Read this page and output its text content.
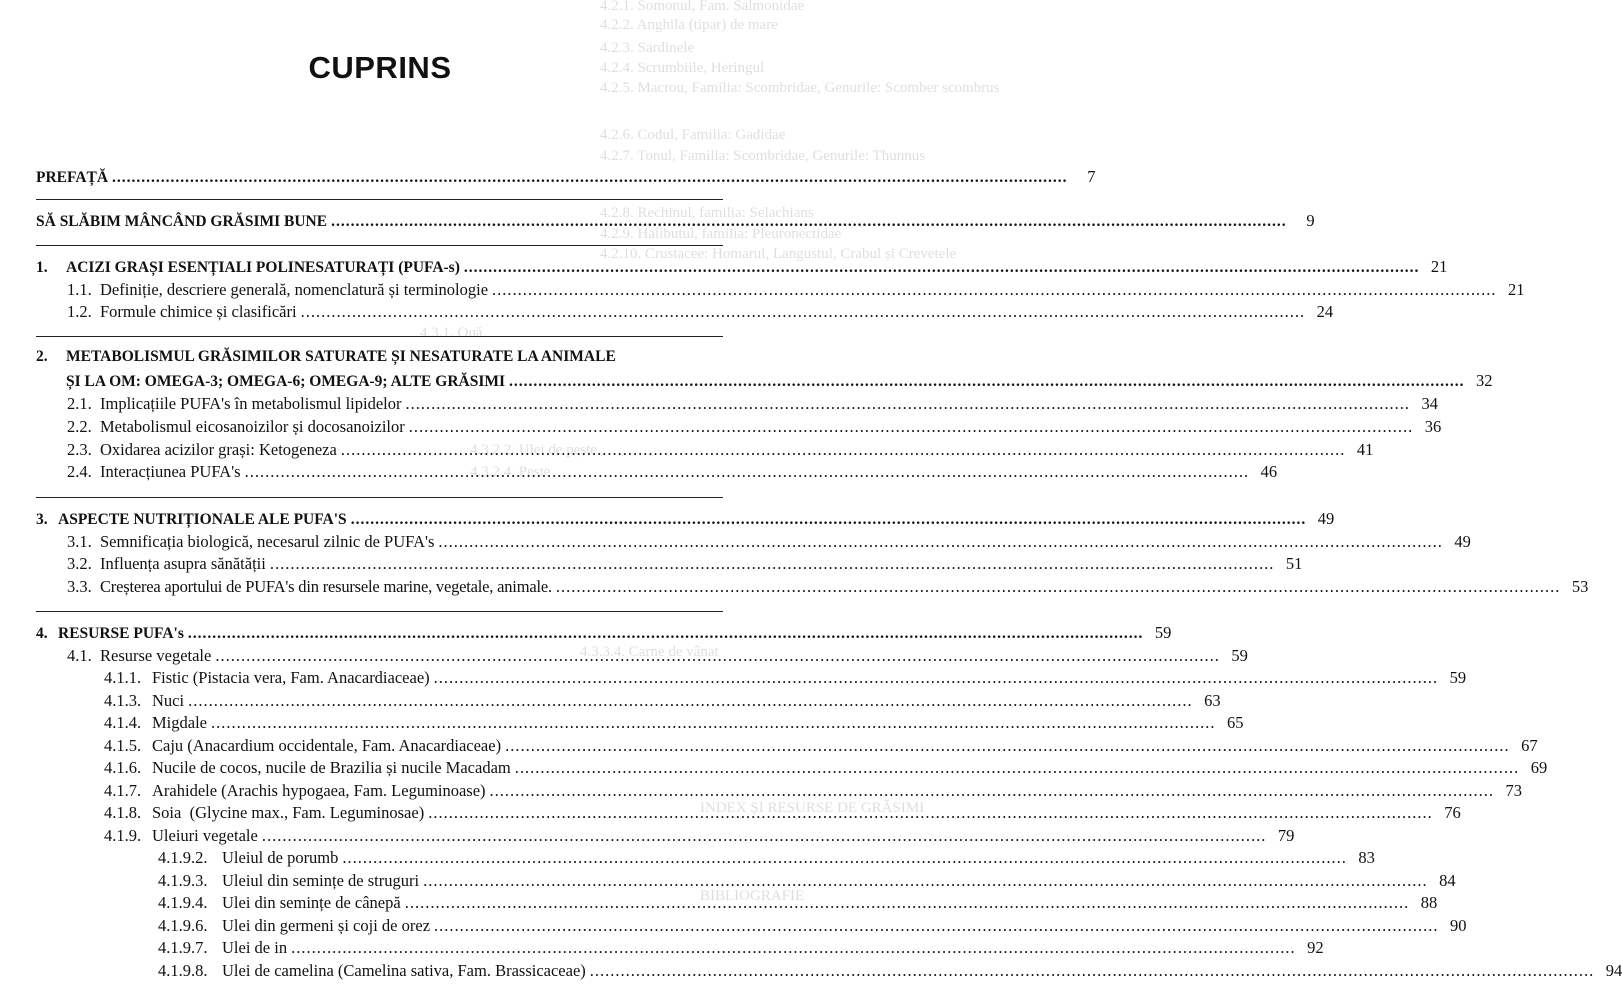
4.2.1. Somonul, Fam. Salmonidae
4.2.2. Anghila (tipar) de mare
4.2.3. Sardinele
4.2.4. Scrumbiile, Heringul
4.2.5. Macrou, Familia: Scombridae, Genurile: Scomber scombrus
4.2.6. Codul, Familia: Gadidae
4.2.7. Tonul, Familia: Scombridae, Genurile: Thunnus
4.2.8. Rechinul, familia: Selachians
4.2.9. Halibutul, familia: Pleuronectidae
4.2.10. Crustacee: Homarul, Langustul, Crabul și Crevetele
4.3.1. Ouă
4.3.2.2. Ulei de pește
4.3.2.4. Peste
4.3.3.4. Carne de vânat
INDEX ȘI RESURSE DE GRĂSIMI
BIBLIOGRAFIE
CUPRINS
PREFAȚĂ .....	7
SĂ SLĂBIM MÂNCÂND GRĂSIMI BUNE .....	9
1.	ACIZI GRAȘI ESENȚIALI POLINESATURAȚI (PUFA-s) .....	21
1.1. Definiție, descriere generală, nomenclatură și terminologie .....	21
1.2. Formule chimice și clasificări .....	24
2. METABOLISMUL GRĂSIMILOR SATURATE ȘI NESATURATE LA ANIMALE
ȘI LA OM: OMEGA-3; OMEGA-6; OMEGA-9; ALTE GRĂSIMI .....	32
2.1. Implicațiile PUFA's în metabolismul lipidelor .....	34
2.2. Metabolismul eicosanoizilor și docosanoizilor .....	36
2.3. Oxidarea acizilor grași: Ketogeneza .....	41
2.4. Interacțiunea PUFA's .....	46
3. ASPECTE NUTRIȚIONALE ALE PUFA'S .....	49
3.1. Semnificația biologică, necesarul zilnic de PUFA's .....	49
3.2. Influența asupra sănătății .....	51
3.3. Creșterea aportului de PUFA's din resursele marine, vegetale, animale. .....	53
4. RESURSE PUFA's .....	59
4.1. Resurse vegetale .....	59
4.1.1. Fistic (Pistacia vera, Fam. Anacardiaceae) .....	59
4.1.3. Nuci .....	63
4.1.4. Migdale .....	65
4.1.5. Caju (Anacardium occidentale, Fam. Anacardiaceae) .....	67
4.1.6. Nucile de cocos, nucile de Brazilia și nucile Macadam .....	69
4.1.7. Arahidele (Arachis hypogaea, Fam. Leguminoase) .....	73
4.1.8. Soia  (Glycine max., Fam. Leguminosae) .....	76
4.1.9. Uleiuri vegetale .....	79
4.1.9.2. Uleiul de porumb .....	83
4.1.9.3. Uleiul din semințe de struguri .....	84
4.1.9.4. Ulei din semințe de cânepă .....	88
4.1.9.6. Ulei din germeni și coji de orez .....	90
4.1.9.7. Ulei de in .....	92
4.1.9.8. Ulei de camelina (Camelina sativa, Fam. Brassicaceae) .....	94
